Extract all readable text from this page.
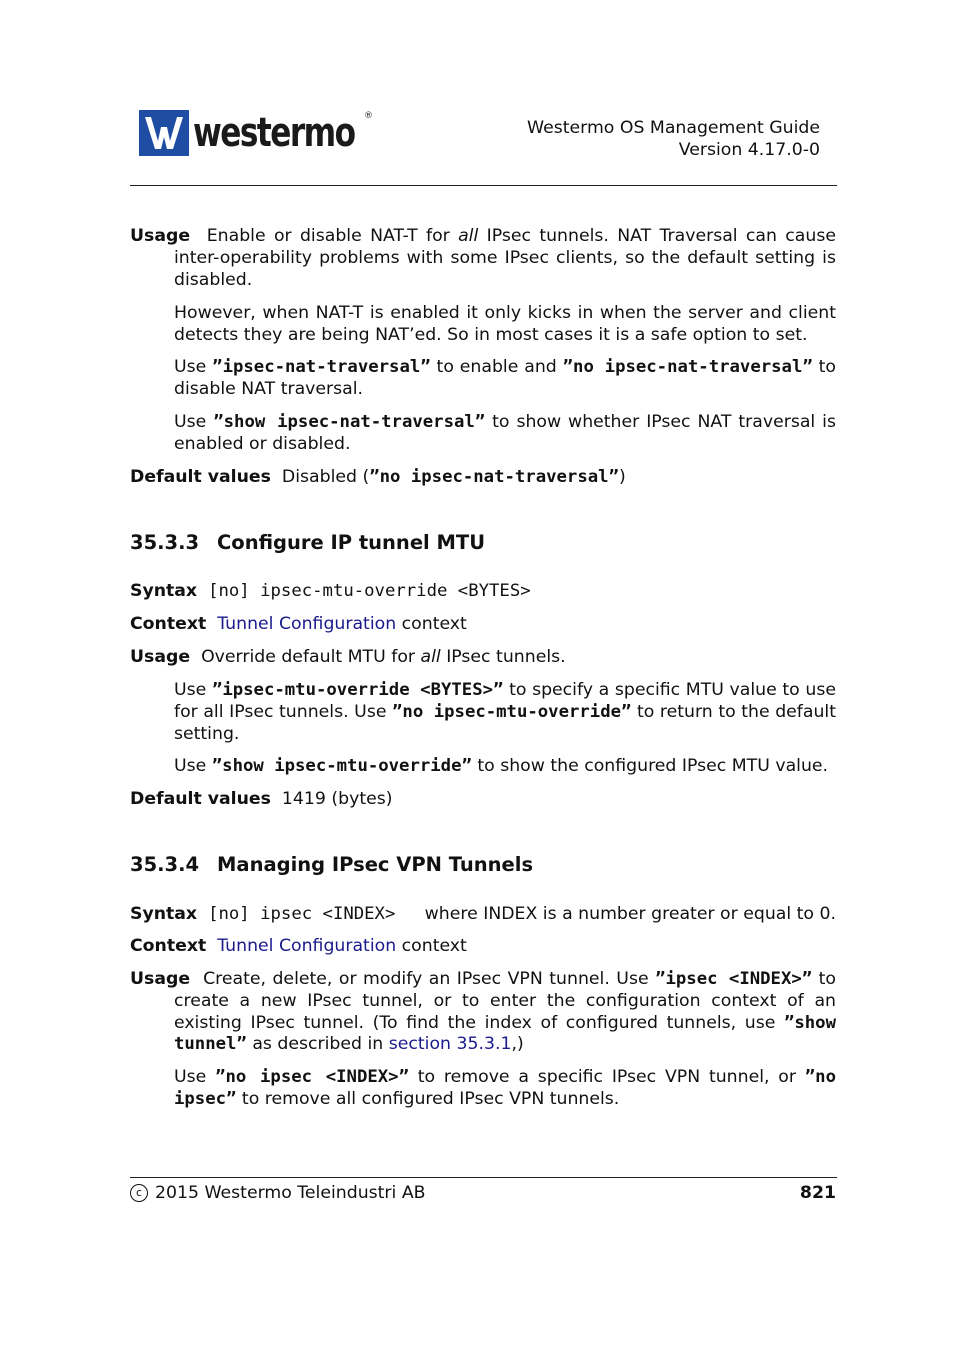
westermo ®
Westermo OS Management Guide
Version 4.17.0-0
Usage Enable or disable NAT-T for all IPsec tunnels. NAT Traversal can cause inter-operability problems with some IPsec clients, so the default setting is disabled.
However, when NAT-T is enabled it only kicks in when the server and client detects they are being NAT’ed. So in most cases it is a safe option to set.
Use ”ipsec-nat-traversal” to enable and ”no ipsec-nat-traversal” to disable NAT traversal.
Use ”show ipsec-nat-traversal” to show whether IPsec NAT traversal is enabled or disabled.
Default values Disabled (”no ipsec-nat-traversal”)
35.3.3 Configure IP tunnel MTU
Syntax [no] ipsec-mtu-override <BYTES>
Context Tunnel Configuration context
Usage Override default MTU for all IPsec tunnels.
Use ”ipsec-mtu-override <BYTES>” to specify a specific MTU value to use for all IPsec tunnels. Use ”no ipsec-mtu-override” to return to the default setting.
Use ”show ipsec-mtu-override” to show the configured IPsec MTU value.
Default values 1419 (bytes)
35.3.4 Managing IPsec VPN Tunnels
Syntax [no] ipsec <INDEX> where INDEX is a number greater or equal to 0.
Context Tunnel Configuration context
Usage Create, delete, or modify an IPsec VPN tunnel. Use ”ipsec <INDEX>” to create a new IPsec tunnel, or to enter the configuration context of an existing IPsec tunnel. (To find the index of configured tunnels, use ”show tunnel” as described in section 35.3.1,)
Use ”no ipsec <INDEX>” to remove a specific IPsec VPN tunnel, or ”no ipsec” to remove all configured IPsec VPN tunnels.
c 2015 Westermo Teleindustri AB	821
